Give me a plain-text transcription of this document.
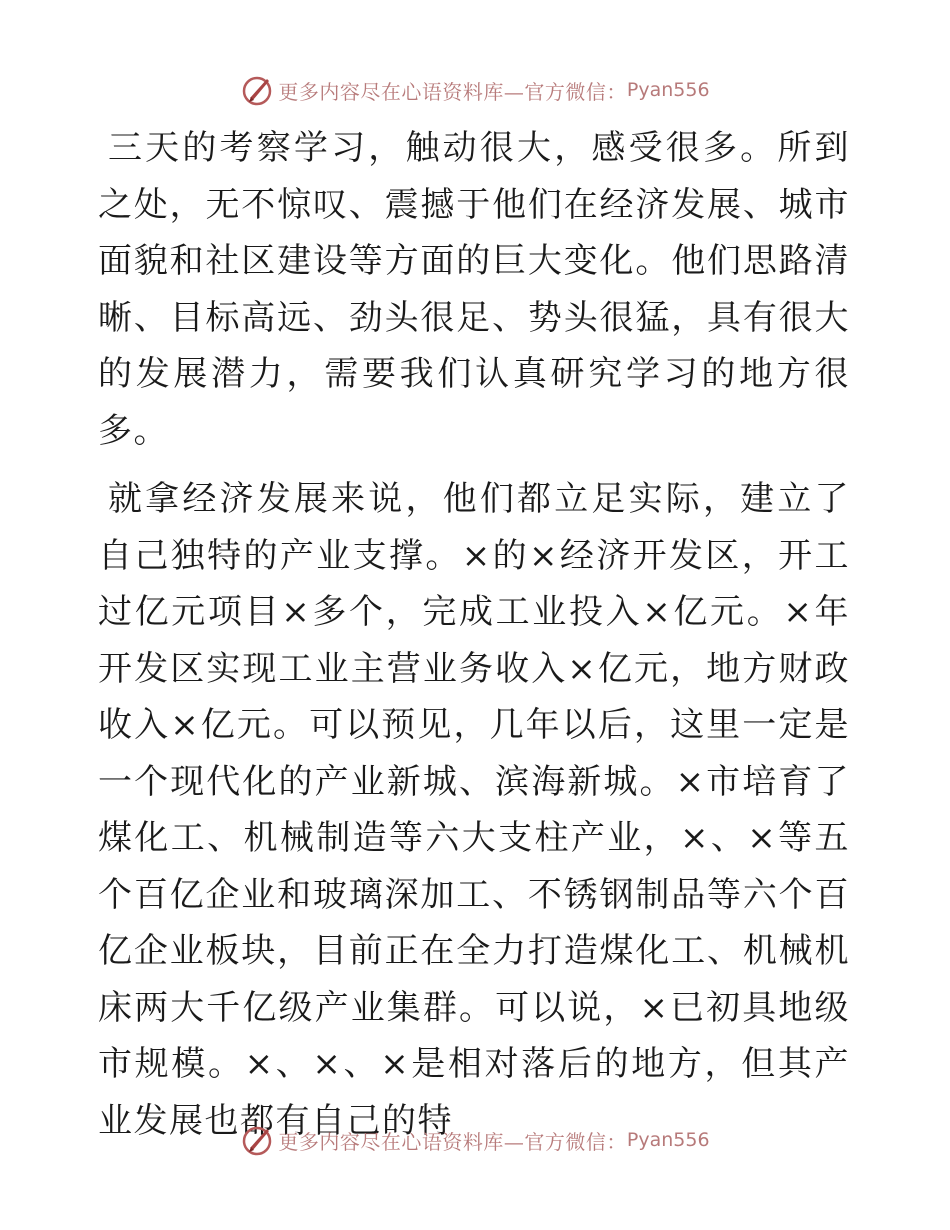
更多内容尽在心语资料库—官方微信： Pyan556

三天的考察学习，触动很大，感受很多。所到之处，无不惊叹、震撼于他们在经济发展、城市面貌和社区建设等方面的巨大变化。他们思路清晰、目标高远、劲头很足、势头很猛，具有很大的发展潜力，需要我们认真研究学习的地方很多。

就拿经济发展来说，他们都立足实际，建立了自己独特的产业支撑。×的×经济开发区，开工过亿元项目×多个，完成工业投入×亿元。×年开发区实现工业主营业务收入×亿元，地方财政收入×亿元。可以预见，几年以后，这里一定是一个现代化的产业新城、滨海新城。×市培育了煤化工、机械制造等六大支柱产业，×、×等五个百亿企业和玻璃深加工、不锈钢制品等六个百亿企业板块，目前正在全力打造煤化工、机械机床两大千亿级产业集群。可以说，×已初具地级市规模。×、×、×是相对落后的地方，但其产业发展也都有自己的特

更多内容尽在心语资料库—官方微信： Pyan556
